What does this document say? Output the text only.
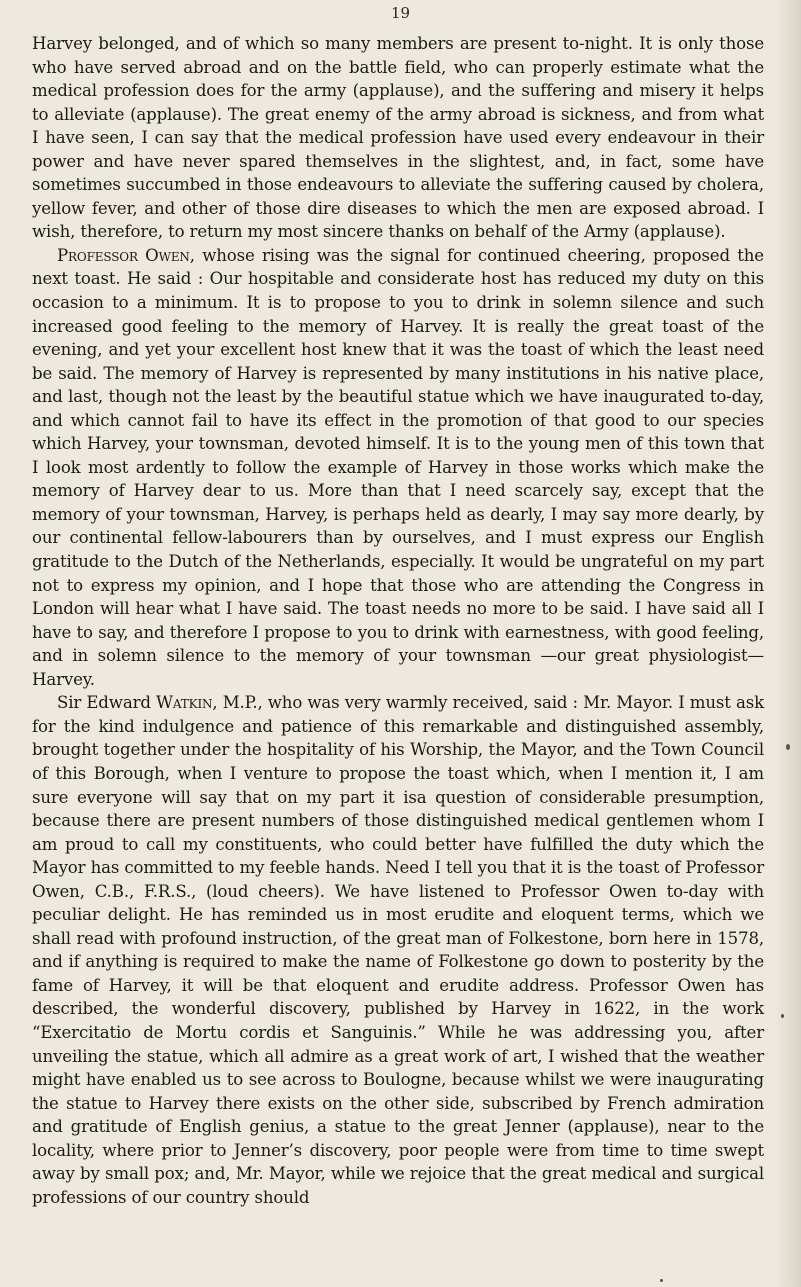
19

Harvey belonged, and of which so many members are present to-night. It is only those who have served abroad and on the battle field, who can properly estimate what the medical profession does for the army (applause), and the suffering and misery it helps to alleviate (applause). The great enemy of the army abroad is sickness, and from what I have seen, I can say that the medical profession have used every endeavour in their power and have never spared themselves in the slightest, and, in fact, some have sometimes succumbed in those endeavours to alleviate the suffering caused by cholera, yellow fever, and other of those dire diseases to which the men are exposed abroad. I wish, therefore, to return my most sincere thanks on behalf of the Army (applause).

Professor Owen, whose rising was the signal for continued cheering, proposed the next toast. He said : Our hospitable and considerate host has reduced my duty on this occasion to a minimum. It is to propose to you to drink in solemn silence and such increased good feeling to the memory of Harvey. It is really the great toast of the evening, and yet your excellent host knew that it was the toast of which the least need be said. The memory of Harvey is represented by many institutions in his native place, and last, though not the least by the beautiful statue which we have inaugurated to-day, and which cannot fail to have its effect in the promotion of that good to our species which Harvey, your townsman, devoted himself. It is to the young men of this town that I look most ardently to follow the example of Harvey in those works which make the memory of Harvey dear to us. More than that I need scarcely say, except that the memory of your townsman, Harvey, is perhaps held as dearly, I may say more dearly, by our continental fellow-labourers than by ourselves, and I must express our English gratitude to the Dutch of the Netherlands, especially. It would be ungrateful on my part not to express my opinion, and I hope that those who are attending the Congress in London will hear what I have said. The toast needs no more to be said. I have said all I have to say, and therefore I propose to you to drink with earnestness, with good feeling, and in solemn silence to the memory of your townsman —our great physiologist—Harvey.

Sir Edward Watkin, M.P., who was very warmly received, said : Mr. Mayor. I must ask for the kind indulgence and patience of this remarkable and distinguished assembly, brought together under the hospitality of his Worship, the Mayor, and the Town Council of this Borough, when I venture to propose the toast which, when I mention it, I am sure everyone will say that on my part it isa question of considerable presumption, because there are present numbers of those distinguished medical gentlemen whom I am proud to call my constituents, who could better have fulfilled the duty which the Mayor has committed to my feeble hands. Need I tell you that it is the toast of Professor Owen, C.B., F.R.S., (loud cheers). We have listened to Professor Owen to-day with peculiar delight. He has reminded us in most erudite and eloquent terms, which we shall read with profound instruction, of the great man of Folkestone, born here in 1578, and if anything is required to make the name of Folkestone go down to posterity by the fame of Harvey, it will be that eloquent and erudite address. Professor Owen has described, the wonderful discovery, published by Harvey in 1622, in the work “Exercitatio de Mortu cordis et Sanguinis.” While he was addressing you, after unveiling the statue, which all admire as a great work of art, I wished that the weather might have enabled us to see across to Boulogne, because whilst we were inaugurating the statue to Harvey there exists on the other side, subscribed by French admiration and gratitude of English genius, a statue to the great Jenner (applause), near to the locality, where prior to Jenner’s discovery, poor people were from time to time swept away by small pox; and, Mr. Mayor, while we rejoice that the great medical and surgical professions of our country should
